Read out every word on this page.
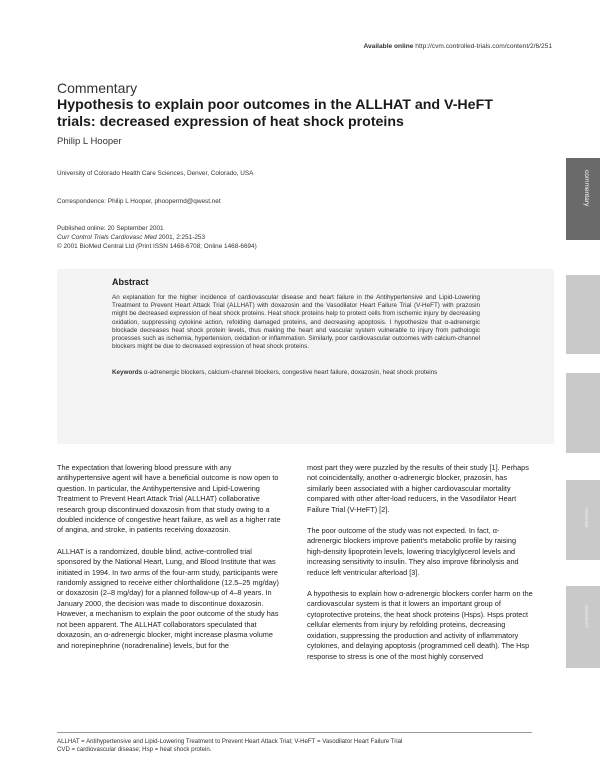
Available online http://cvm.controlled-trials.com/content/2/6/251
Commentary
Hypothesis to explain poor outcomes in the ALLHAT and V-HeFT trials: decreased expression of heat shock proteins
Philip L Hooper
University of Colorado Health Care Sciences, Denver, Colorado, USA
Correspondence: Philip L Hooper, phoopermd@qwest.net
Published online: 20 September 2001
Curr Control Trials Cardiovasc Med 2001, 2:251-253
© 2001 BioMed Central Ltd (Print ISSN 1468-6708; Online 1468-6694)
Abstract
An explanation for the higher incidence of cardiovascular disease and heart failure in the Antihypertensive and Lipid-Lowering Treatment to Prevent Heart Attack Trial (ALLHAT) with doxazosin and the Vasodilator Heart Failure Trial (V-HeFT) with prazosin might be decreased expression of heat shock proteins. Heat shock proteins help to protect cells from ischemic injury by decreasing oxidation, suppressing cytokine action, refolding damaged proteins, and decreasing apoptosis. I hypothesize that α-adrenergic blockade decreases heat shock protein levels, thus making the heart and vascular system vulnerable to injury from pathologic processes such as ischemia, hypertension, oxidation or inflammation. Similarly, poor cardiovascular outcomes with calcium-channel blockers might be due to decreased expression of heat shock proteins.
Keywords α-adrenergic blockers, calcium-channel blockers, congestive heart failure, doxazosin, heat shock proteins

The expectation that lowering blood pressure with any antihypertensive agent will have a beneficial outcome is now open to question. In particular, the Antihypertensive and Lipid-Lowering Treatment to Prevent Heart Attack Trial (ALLHAT) collaborative research group discontinued doxazosin from that study owing to a doubled incidence of congestive heart failure, as well as a higher rate of angina, and stroke, in patients receiving doxazosin.

ALLHAT is a randomized, double blind, active-controlled trial sponsored by the National Heart, Lung, and Blood Institute that was initiated in 1994. In two arms of the four-arm study, participants were randomly assigned to receive either chlorthalidone (12.5–25 mg/day) or doxazosin (2–8 mg/day) for a planned follow-up of 4–8 years. In January 2000, the decision was made to discontinue doxazosin. However, a mechanism to explain the poor outcome of the study has not been apparent. The ALLHAT collaborators speculated that doxazosin, an α-adrenergic blocker, might increase plasma volume and norepinephrine (noradrenaline) levels, but for the

most part they were puzzled by the results of their study [1]. Perhaps not coincidentally, another α-adrenergic blocker, prazosin, has similarly been associated with a higher cardiovascular mortality compared with other after-load reducers, in the Vasodilator Heart Failure Trial (V-HeFT) [2].

The poor outcome of the study was not expected. In fact, α-adrenergic blockers improve patient's metabolic profile by raising high-density lipoprotein levels, lowering triacylglycerol levels and increasing sensitivity to insulin. They also improve fibrinolysis and reduce left ventricular afterload [3].

A hypothesis to explain how α-adrenergic blockers confer harm on the cardiovascular system is that it lowers an important group of cytoprotective proteins, the heat shock proteins (Hsps). Hsps protect cellular elements from injury by refolding proteins, decreasing oxidation, suppressing the production and activity of inflammatory cytokines, and delaying apoptosis (programmed cell death). The Hsp response to stress is one of the most highly conserved

ALLHAT = Antihypertensive and Lipid-Lowering Treatment to Prevent Heart Attack Trial; V-HeFT = Vasodilator Heart Failure Trial
CVD = cardiovascular disease; Hsp = heat shock protein.
commentary
reviews
research
